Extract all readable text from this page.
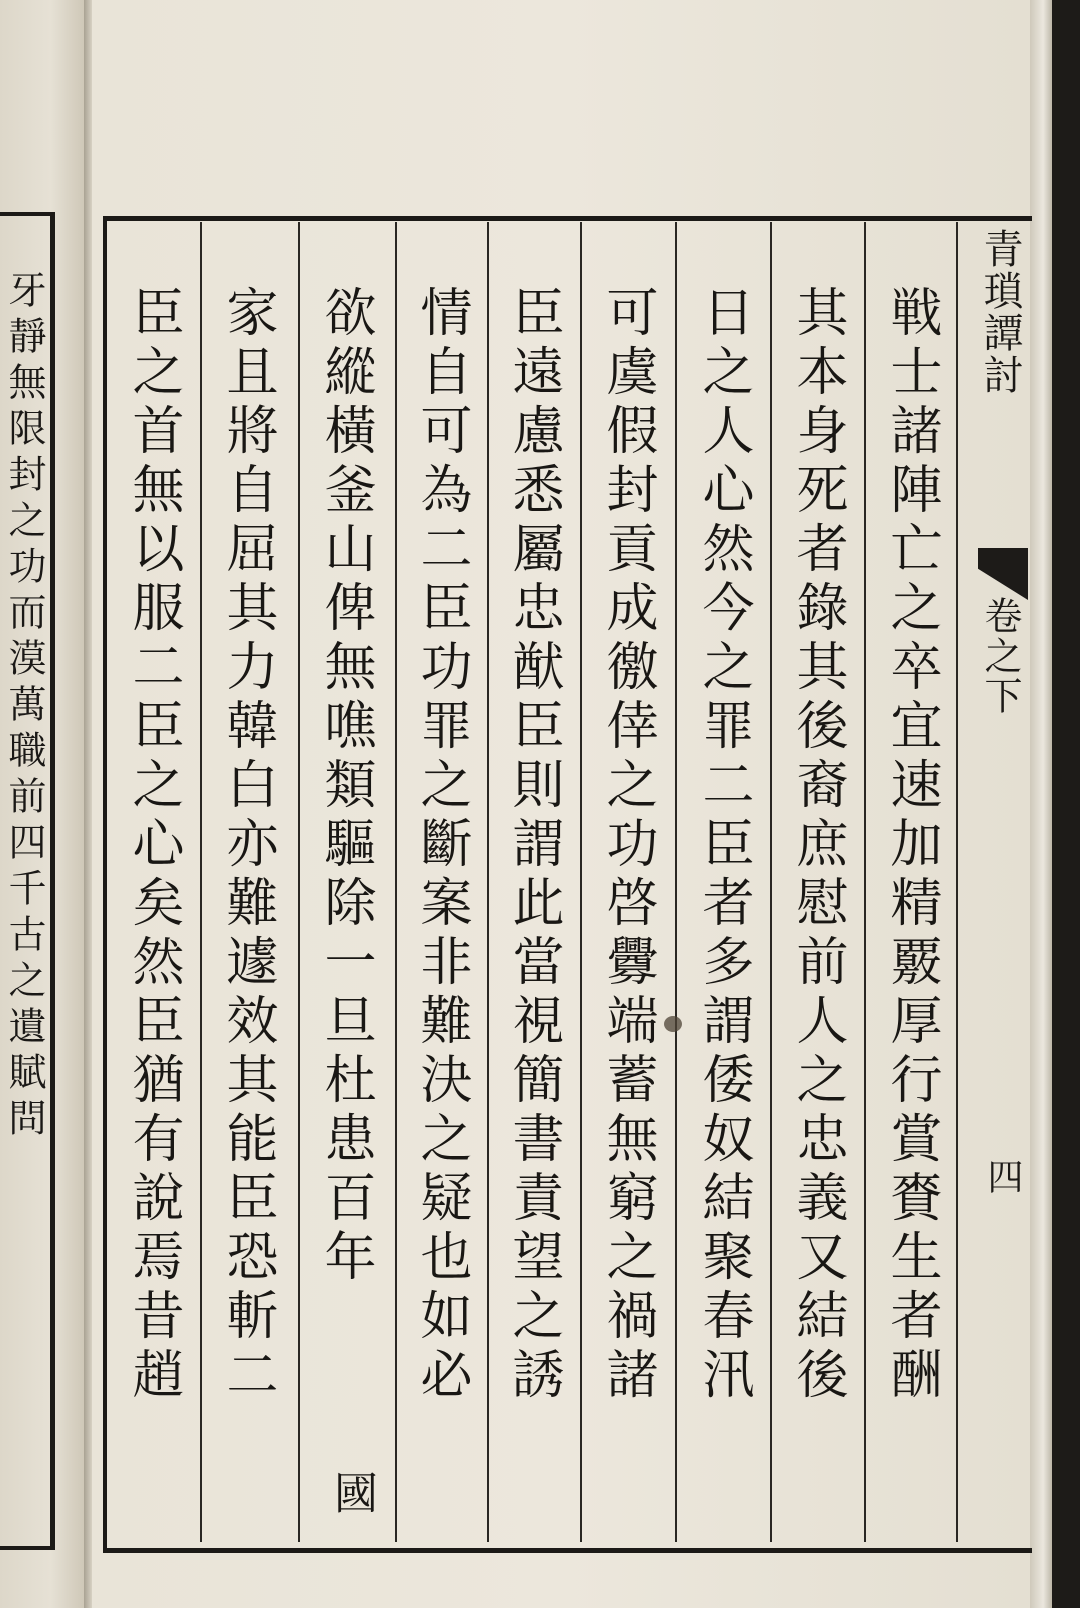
牙靜無限封之功而漠萬職前四千古之遺賦問	戦士諸陣亡之卒宜速加精覈厚行賞賚生者酬
其本身死者錄其後裔庶慰前人之忠義又結後
日之人心然今之罪二臣者多謂倭奴結聚春汛
可虞假封貢成徼倖之功啓釁端蓄無窮之禍諸
臣遠慮悉屬忠猷臣則謂此當視簡書責望之誘
情自可為二臣功罪之斷案非難決之疑也如必
欲縱橫釜山俾無噍類驅除一旦杜患百年
國
家且將自屈其力韓白亦難遽效其能臣恐斬二
臣之首無以服二臣之心矣然臣猶有說焉昔趙	青瑣譚討
卷之下
四
